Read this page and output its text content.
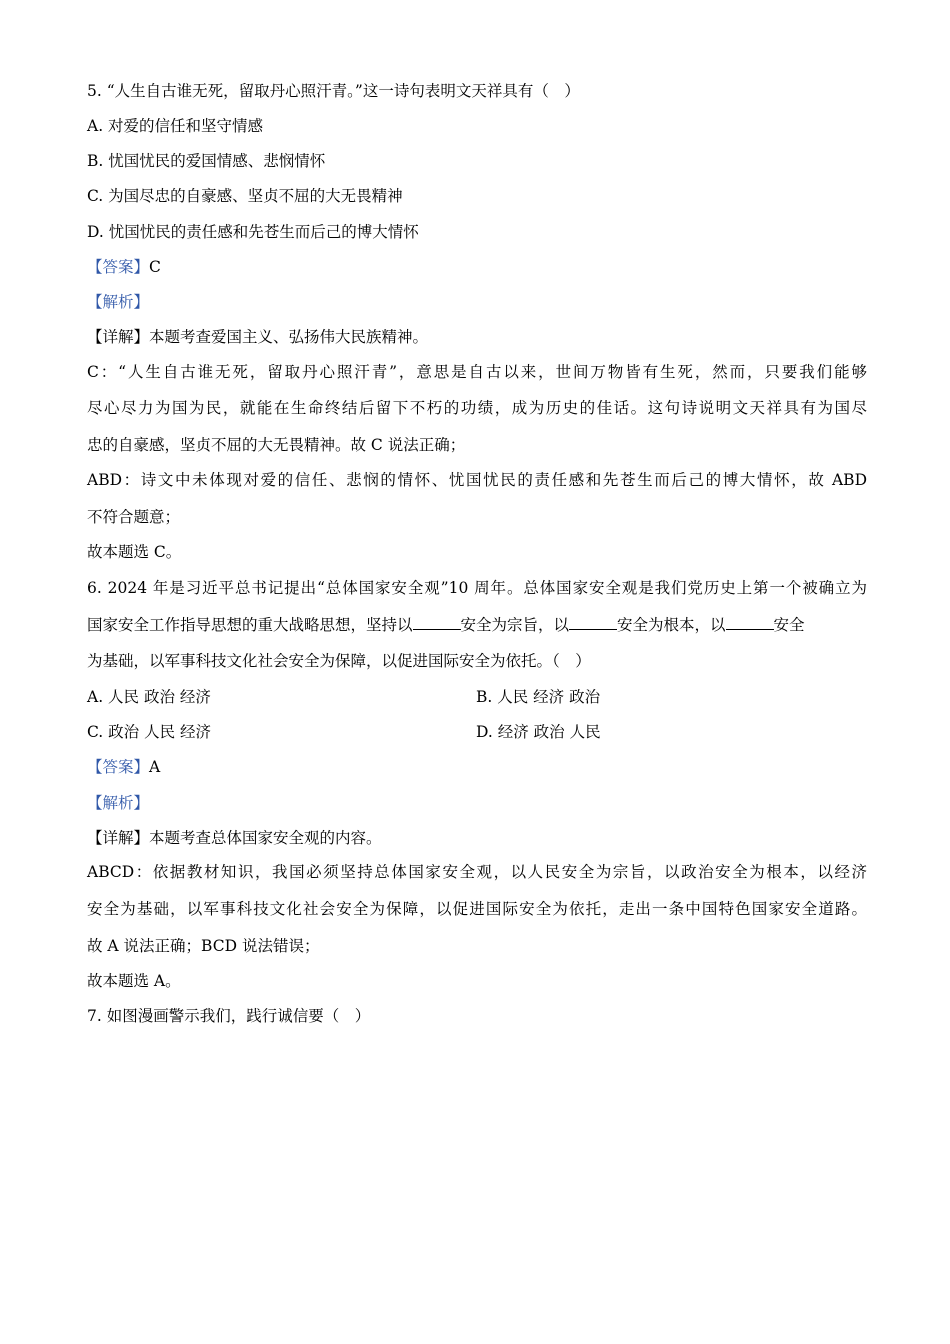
5. “人生自古谁无死，留取丹心照汗青。”这一诗句表明文天祥具有（　）
A. 对爱的信任和坚守情感
B. 忧国忧民的爱国情感、悲悯情怀
C. 为国尽忠的自豪感、坚贞不屈的大无畏精神
D. 忧国忧民的责任感和先苍生而后己的博大情怀
【答案】C
【解析】
【详解】本题考查爱国主义、弘扬伟大民族精神。
C：“人生自古谁无死，留取丹心照汗青”，意思是自古以来，世间万物皆有生死，然而，只要我们能够
尽心尽力为国为民，就能在生命终结后留下不朽的功绩，成为历史的佳话。这句诗说明文天祥具有为国尽
忠的自豪感，坚贞不屈的大无畏精神。故 C 说法正确；
ABD：诗文中未体现对爱的信任、悲悯的情怀、忧国忧民的责任感和先苍生而后己的博大情怀，故 ABD
不符合题意；
故本题选 C。
6. 2024 年是习近平总书记提出“总体国家安全观”10 周年。总体国家安全观是我们党历史上第一个被确立为
国家安全工作指导思想的重大战略思想，坚持以	安全为宗旨，以	安全为根本，以	安全
为基础，以军事科技文化社会安全为保障，以促进国际安全为依托。（　）
A. 人民 政治 经济	B. 人民 经济 政治
C. 政治 人民 经济	D. 经济 政治 人民
【答案】A
【解析】
【详解】本题考查总体国家安全观的内容。
ABCD：依据教材知识，我国必须坚持总体国家安全观，以人民安全为宗旨，以政治安全为根本，以经济
安全为基础，以军事科技文化社会安全为保障，以促进国际安全为依托，走出一条中国特色国家安全道路。
故 A 说法正确；BCD 说法错误；
故本题选 A。
7. 如图漫画警示我们，践行诚信要（　）
